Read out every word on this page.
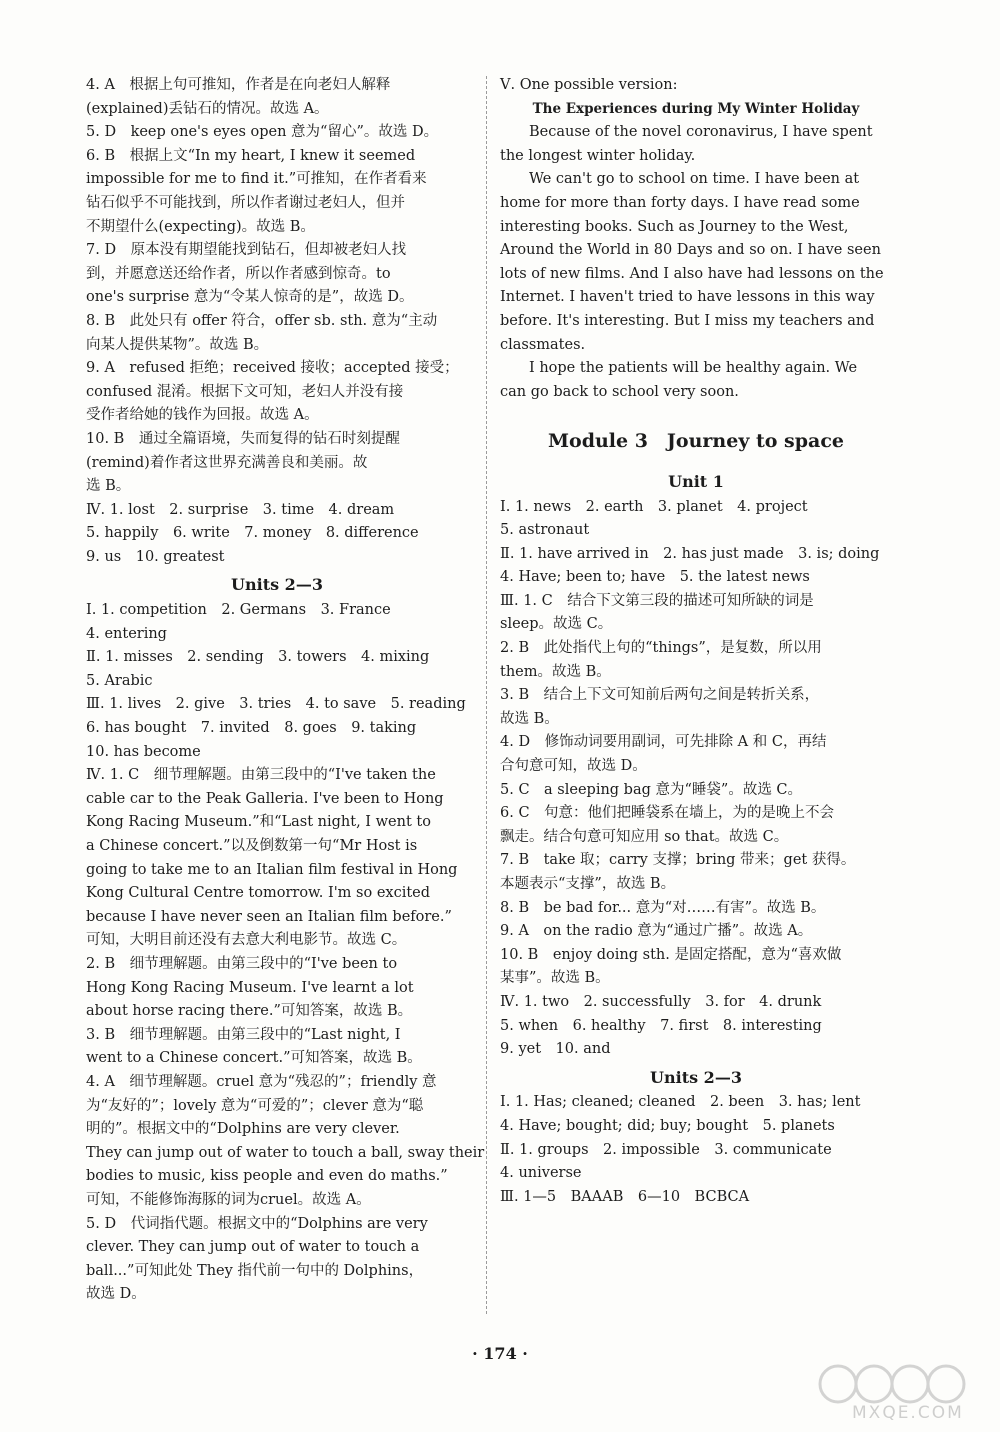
4. A　根据上句可推知，作者是在向老妇人解释
(explained)丢钻石的情况。故选 A。
5. D　keep one's eyes open 意为“留心”。故选 D。
6. B　根据上文“In my heart, I knew it seemed
impossible for me to find it.”可推知，在作者看来
钻石似乎不可能找到，所以作者谢过老妇人，但并
不期望什么(expecting)。故选 B。
7. D　原本没有期望能找到钻石，但却被老妇人找
到，并愿意送还给作者，所以作者感到惊奇。to
one's surprise 意为“令某人惊奇的是”，故选 D。
8. B　此处只有 offer 符合，offer sb. sth. 意为“主动
向某人提供某物”。故选 B。
9. A　refused 拒绝；received 接收；accepted 接受；
confused 混淆。根据下文可知，老妇人并没有接
受作者给她的钱作为回报。故选 A。
10. B　通过全篇语境，失而复得的钻石时刻提醒
(remind)着作者这世界充满善良和美丽。故
选 B。
Ⅳ. 1. lost　2. surprise　3. time　4. dream
5. happily　6. write　7. money　8. difference
9. us　10. greatest
Units 2—3
Ⅰ. 1. competition　2. Germans　3. France
4. entering
Ⅱ. 1. misses　2. sending　3. towers　4. mixing
5. Arabic
Ⅲ. 1. lives　2. give　3. tries　4. to save　5. reading
6. has bought　7. invited　8. goes　9. taking
10. has become
Ⅳ. 1. C　细节理解题。由第三段中的“I've taken the
cable car to the Peak Galleria. I've been to Hong
Kong Racing Museum.”和“Last night, I went to
a Chinese concert.”以及倒数第一句“Mr Host is
going to take me to an Italian film festival in Hong
Kong Cultural Centre tomorrow. I'm so excited
because I have never seen an Italian film before.”
可知，大明目前还没有去意大利电影节。故选 C。
2. B　细节理解题。由第三段中的“I've been to
Hong Kong Racing Museum. I've learnt a lot
about horse racing there.”可知答案，故选 B。
3. B　细节理解题。由第三段中的“Last night, I
went to a Chinese concert.”可知答案，故选 B。
4. A　细节理解题。cruel 意为“残忍的”；friendly 意
为“友好的”；lovely 意为“可爱的”；clever 意为“聪
明的”。根据文中的“Dolphins are very clever.
They can jump out of water to touch a ball, sway their
bodies to music, kiss people and even do maths.”
可知，不能修饰海豚的词为cruel。故选 A。
5. D　代词指代题。根据文中的“Dolphins are very
clever. They can jump out of water to touch a
ball...”可知此处 They 指代前一句中的 Dolphins，
故选 D。
Ⅴ. One possible version:
The Experiences during My Winter Holiday
　　Because of the novel coronavirus, I have spent
the longest winter holiday.
　　We can't go to school on time. I have been at
home for more than forty days. I have read some
interesting books. Such as Journey to the West,
Around the World in 80 Days and so on. I have seen
lots of new films. And I also have had lessons on the
Internet. I haven't tried to have lessons in this way
before. It's interesting. But I miss my teachers and
classmates.
　　I hope the patients will be healthy again. We
can go back to school very soon.
Module 3　Journey to space
Unit 1
Ⅰ. 1. news　2. earth　3. planet　4. project
5. astronaut
Ⅱ. 1. have arrived in　2. has just made　3. is; doing
4. Have; been to; have　5. the latest news
Ⅲ. 1. C　结合下文第三段的描述可知所缺的词是
sleep。故选 C。
2. B　此处指代上句的“things”，是复数，所以用
them。故选 B。
3. B　结合上下文可知前后两句之间是转折关系，
故选 B。
4. D　修饰动词要用副词，可先排除 A 和 C，再结
合句意可知，故选 D。
5. C　a sleeping bag 意为“睡袋”。故选 C。
6. C　句意：他们把睡袋系在墙上，为的是晚上不会
飘走。结合句意可知应用 so that。故选 C。
7. B　take 取；carry 支撑；bring 带来；get 获得。
本题表示“支撑”，故选 B。
8. B　be bad for... 意为“对……有害”。故选 B。
9. A　on the radio 意为“通过广播”。故选 A。
10. B　enjoy doing sth. 是固定搭配，意为“喜欢做
某事”。故选 B。
Ⅳ. 1. two　2. successfully　3. for　4. drunk
5. when　6. healthy　7. first　8. interesting
9. yet　10. and
Units 2—3
Ⅰ. 1. Has; cleaned; cleaned　2. been　3. has; lent
4. Have; bought; did; buy; bought　5. planets
Ⅱ. 1. groups　2. impossible　3. communicate
4. universe
Ⅲ. 1—5　BAAAB　6—10　BCBCA
· 174 ·
MXQE.COM
